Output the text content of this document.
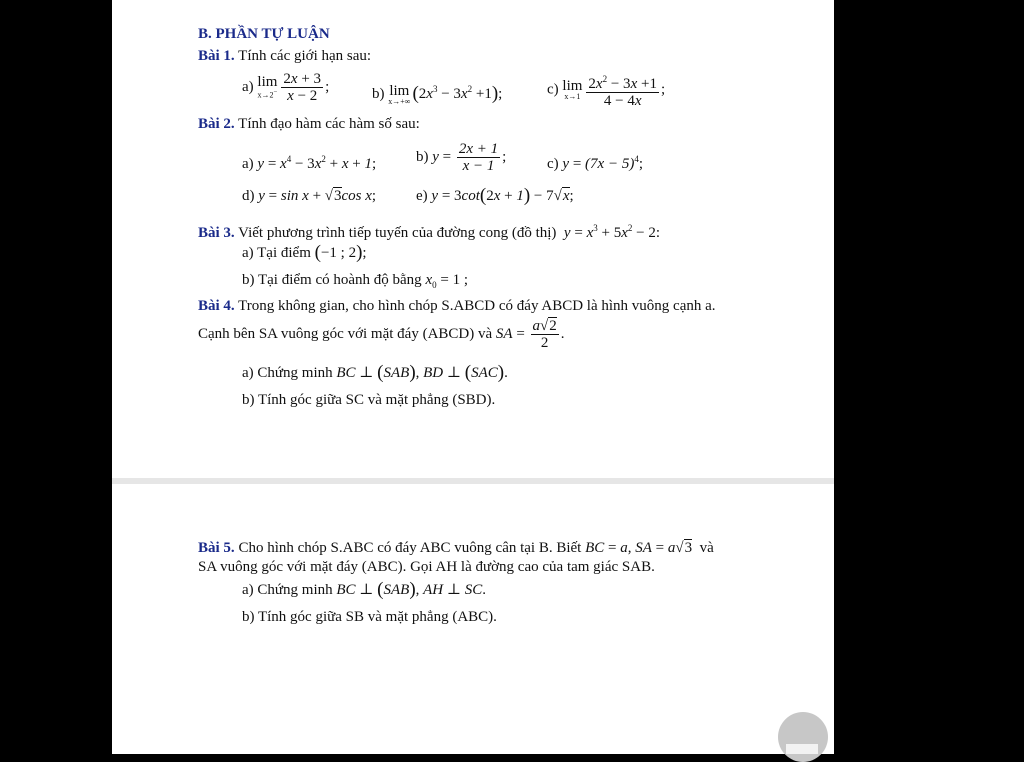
B. PHẦN TỰ LUẬN
Bài 1. Tính các giới hạn sau:
a) lim
$x\to 2^- \frac{2x + 3}{x - 2}$ ;	b) lim
x→+∞ $(2x^3 - 3x^2 +1)$;	c) lim
$x\to 1 \frac{2x^2 - 3x +1}{4 - 4x}$ ;
Bài 2. Tính đạo hàm các hàm số sau:
a) $y = x^4 - 3x^2 + x + 1$;	b) $y = \frac{2x + 1}{x - 1}$ ;	c) $y = (7x - 5)^4$;
d) y = sin x + √3cos x;	e) y = 3cot(2x + 1) − 7√x;
Bài 3. Viết phương trình tiếp tuyến của đường cong (đồ thị) $y = x^3 + 5x^2 - 2$:
a) Tại điểm (−1 ; 2);
b) Tại điểm có hoành độ bằng $x_0 = 1$ ;
Bài 4. Trong không gian, cho hình chóp S.ABCD có đáy ABCD là hình vuông cạnh a.
Cạnh bên SA vuông góc với mặt đáy (ABCD) và SA = $\frac{a√2}{2}$ .
a) Chứng minh BC ⊥ (SAB), BD ⊥ (SAC).
b) Tính góc giữa SC và mặt phẳng (SBD).
Bài 5. Cho hình chóp S.ABC có đáy ABC vuông cân tại B. Biết BC = a, SA = a√3 và
SA vuông góc với mặt đáy (ABC). Gọi AH là đường cao của tam giác SAB.
a) Chứng minh BC ⊥ (SAB), AH ⊥ SC.
b) Tính góc giữa SB và mặt phẳng (ABC).
